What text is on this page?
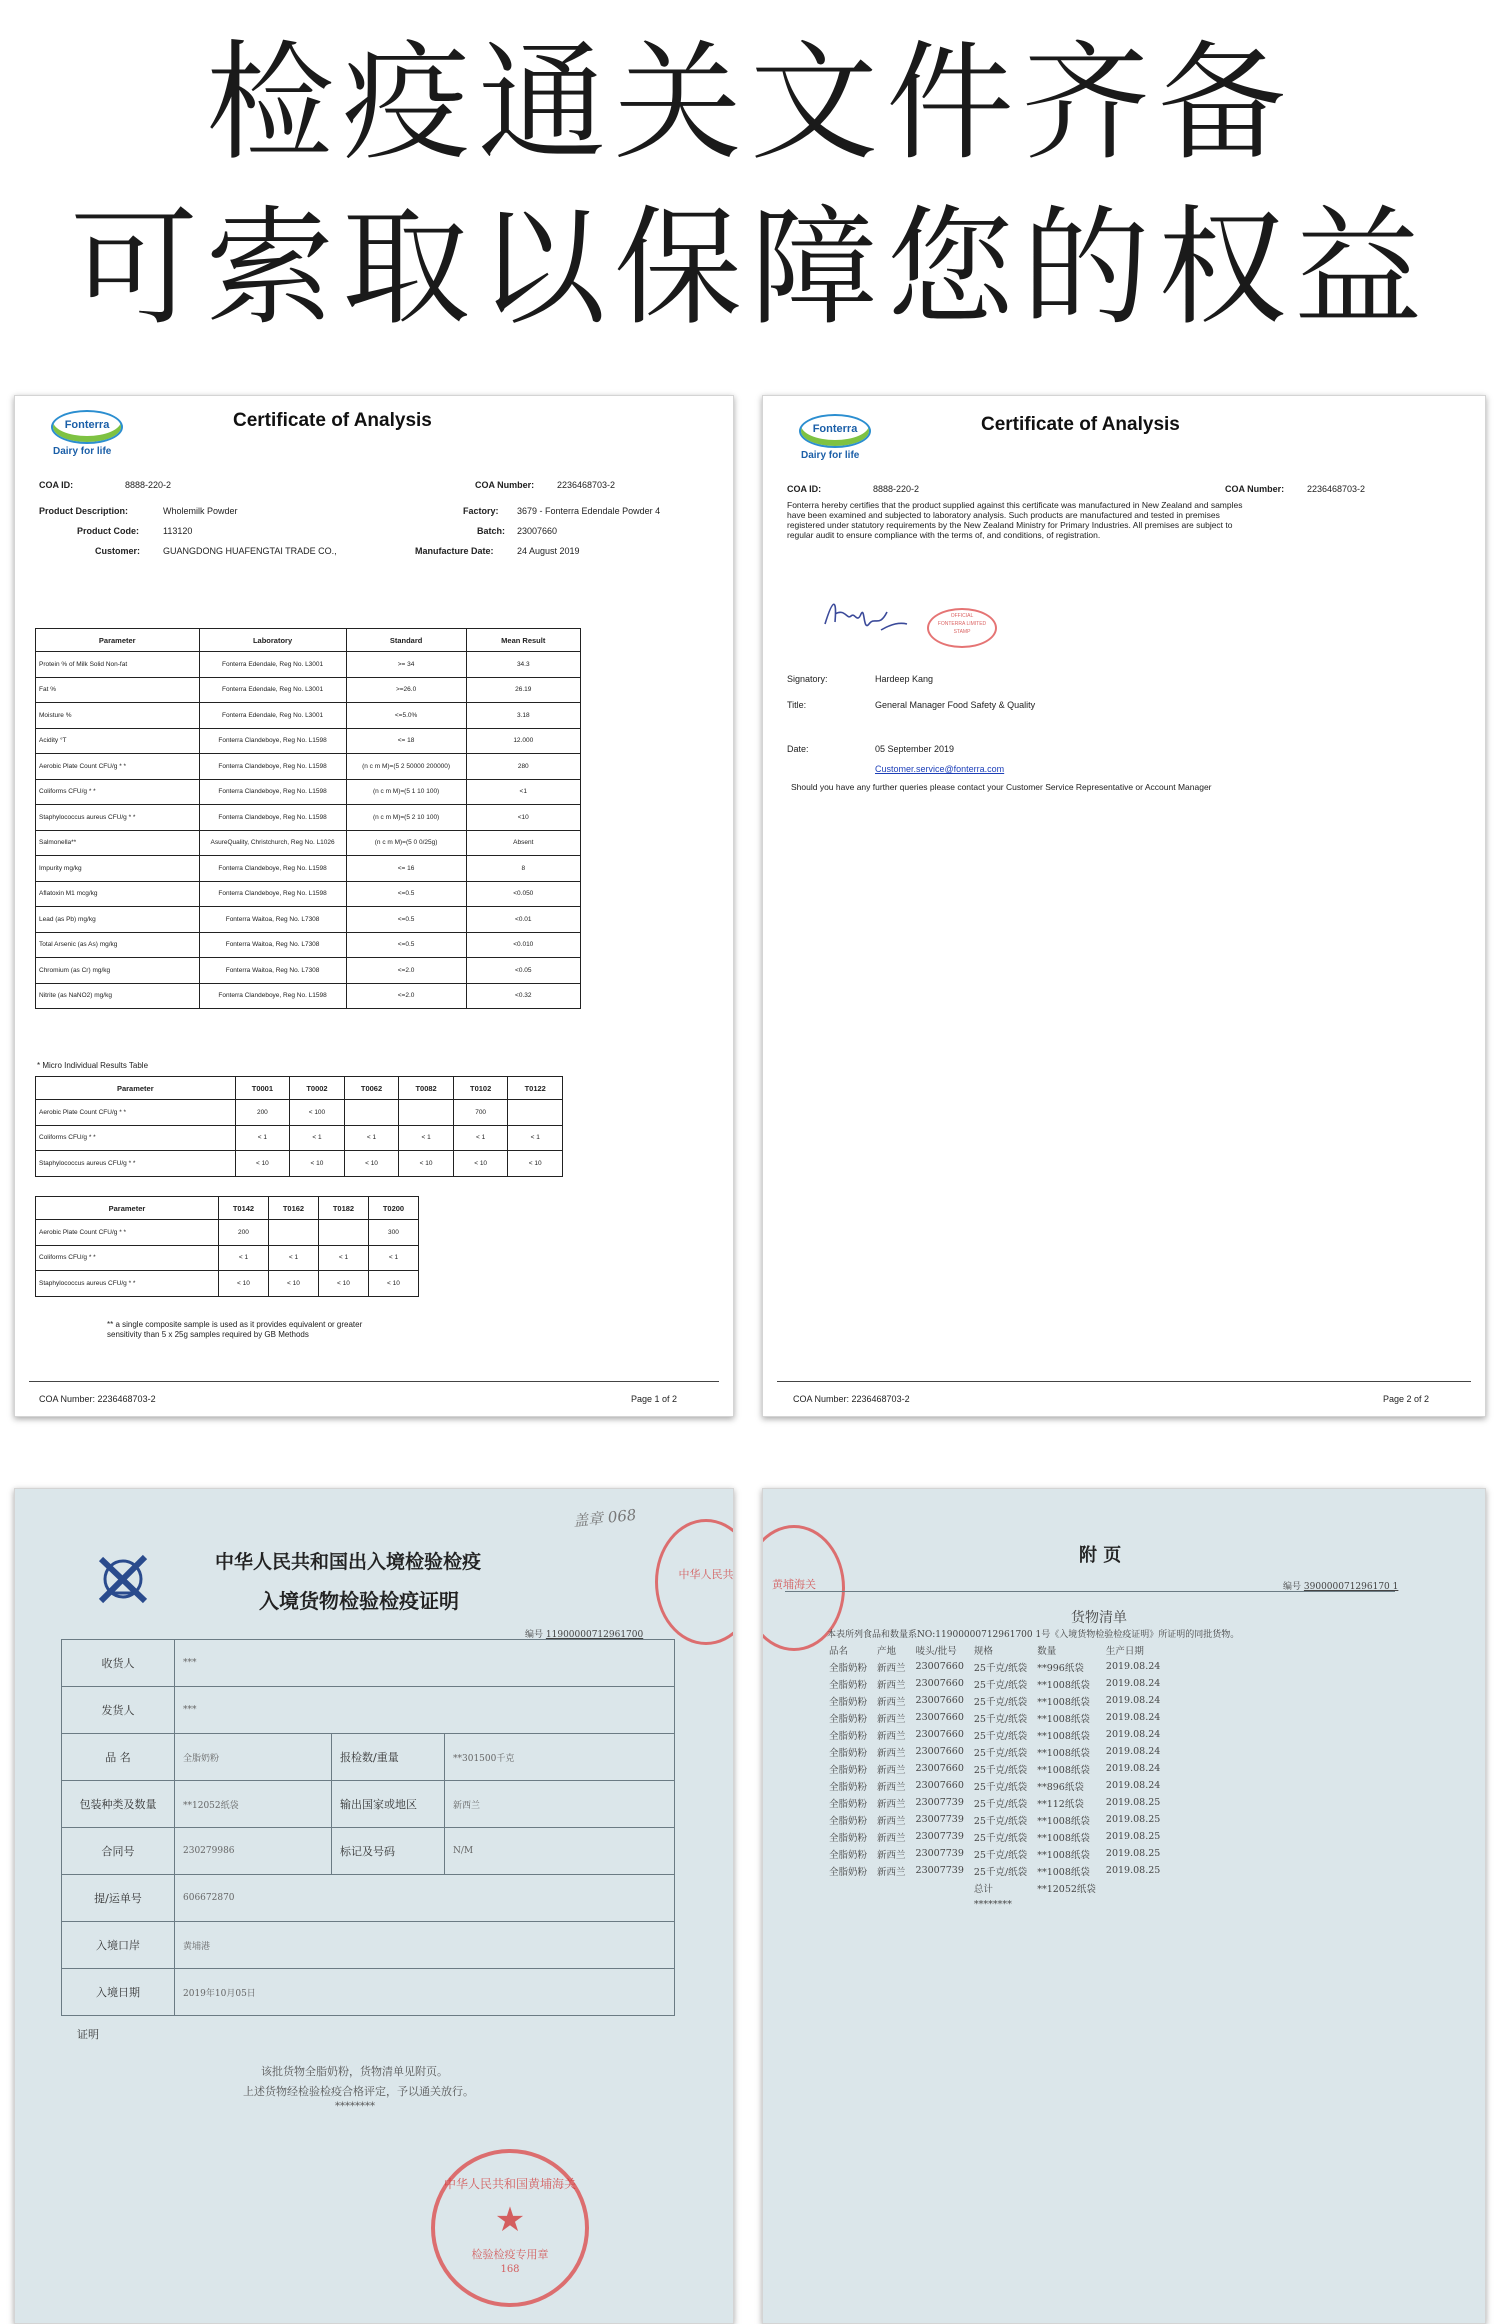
检疫通关文件齐备
可索取以保障您的权益
Fonterra
Dairy for life
Certificate of Analysis
COA ID:	8888-220-2	COA Number:	2236468703-2
Product Description:	Wholemilk Powder	Factory: 3679 - Fonterra Edendale Powder 4
Product Code:	113120	Batch: 23007660
Customer:	GUANGDONG HUAFENGTAI TRADE CO.,	Manufacture Date:	24 August 2019
Parameter	Laboratory	Standard	Mean Result
Protein % of Milk Solid Non-fat	Fonterra Edendale, Reg No. L3001	>= 34	34.3
Fat %	Fonterra Edendale, Reg No. L3001	>=26.0	26.19
Moisture %	Fonterra Edendale, Reg No. L3001	<=5.0%	3.18
Acidity °T	Fonterra Clandeboye, Reg No. L1598	<= 18	12.000
Aerobic Plate Count CFU/g * *	Fonterra Clandeboye, Reg No. L1598	(n c m M)=(5 2 50000 200000)	280
Coliforms CFU/g * *	Fonterra Clandeboye, Reg No. L1598	(n c m M)=(5 1 10 100)	<1
Staphylococcus aureus CFU/g * *	Fonterra Clandeboye, Reg No. L1598	(n c m M)=(5 2 10 100)	<10
Salmonella**	AsureQuality, Christchurch, Reg No. L1026	(n c m M)=(5 0 0/25g)	Absent
Impurity mg/kg	Fonterra Clandeboye, Reg No. L1598	<= 16	8
Aflatoxin M1 mcg/kg	Fonterra Clandeboye, Reg No. L1598	<=0.5	<0.050
Lead (as Pb) mg/kg	Fonterra Waitoa, Reg No. L7308	<=0.5	<0.01
Total Arsenic (as As) mg/kg	Fonterra Waitoa, Reg No. L7308	<=0.5	<0.010
Chromium (as Cr) mg/kg	Fonterra Waitoa, Reg No. L7308	<=2.0	<0.05
Nitrite (as NaNO2) mg/kg	Fonterra Clandeboye, Reg No. L1598	<=2.0	<0.32
* Micro Individual Results Table
Parameter	T0001	T0002	T0062	T0082	T0102	T0122
Aerobic Plate Count CFU/g * *	200	< 100			700	
Coliforms CFU/g * *	< 1	< 1	< 1	< 1	< 1	< 1
Staphylococcus aureus CFU/g * *	< 10	< 10	< 10	< 10	< 10	< 10
Parameter	T0142	T0162	T0182	T0200
Aerobic Plate Count CFU/g * *	200			300
Coliforms CFU/g * *	< 1	< 1	< 1	< 1
Staphylococcus aureus CFU/g * *	< 10	< 10	< 10	< 10
** a single composite sample is used as it provides equivalent or greater
sensitivity than 5 x 25g samples required by GB Methods
COA Number: 2236468703-2	Page 1 of 2
Fonterra
Dairy for life
Certificate of Analysis
COA ID:	8888-220-2	COA Number:	2236468703-2
Fonterra hereby certifies that the product supplied against this certificate was manufactured in New Zealand and samples
have been examined and subjected to laboratory analysis. Such products are manufactured and tested in premises
registered under statutory requirements by the New Zealand Ministry for Primary Industries. All premises are subject to
regular audit to ensure compliance with the terms of, and conditions, of registration.
OFFICIAL
FONTERRA LIMITED
STAMP
Signatory:	Hardeep Kang
Title:	General Manager Food Safety & Quality
Date:	05 September 2019
Customer.service@fonterra.com
Should you have any further queries please contact your Customer Service Representative or Account Manager
COA Number: 2236468703-2	Page 2 of 2
中华人民共和国出入境检验检疫
入境货物检验检疫证明
盖章 068
中华人民共
编号 11900000712961700
收货人	***		
发货人	***		
品 名	全脂奶粉	报检数/重量	**301500千克
包装种类及数量	**12052纸袋	输出国家或地区	新西兰
合同号	230279986	标记及号码	N/M
提/运单号	606672870		
入境口岸	黄埔港		
入境日期	2019年10月05日		
证明
该批货物全脂奶粉，货物清单见附页。
上述货物经检验检疫合格评定，予以通关放行。
********
中华人民共和国黄埔海关
★
检验检疫专用章
168
黄埔海关
附 页
编号 390000071296170 1
货物清单
本表所列食品和数量系NO:11900000712961700 1号《入境货物检验检疫证明》所证明的同批货物。
品名	产地	唛头/批号	规格	数量	生产日期
全脂奶粉	新西兰	23007660	25千克/纸袋	**996纸袋	2019.08.24
全脂奶粉	新西兰	23007660	25千克/纸袋	**1008纸袋	2019.08.24
全脂奶粉	新西兰	23007660	25千克/纸袋	**1008纸袋	2019.08.24
全脂奶粉	新西兰	23007660	25千克/纸袋	**1008纸袋	2019.08.24
全脂奶粉	新西兰	23007660	25千克/纸袋	**1008纸袋	2019.08.24
全脂奶粉	新西兰	23007660	25千克/纸袋	**1008纸袋	2019.08.24
全脂奶粉	新西兰	23007660	25千克/纸袋	**1008纸袋	2019.08.24
全脂奶粉	新西兰	23007660	25千克/纸袋	**896纸袋	2019.08.24
全脂奶粉	新西兰	23007739	25千克/纸袋	**112纸袋	2019.08.25
全脂奶粉	新西兰	23007739	25千克/纸袋	**1008纸袋	2019.08.25
全脂奶粉	新西兰	23007739	25千克/纸袋	**1008纸袋	2019.08.25
全脂奶粉	新西兰	23007739	25千克/纸袋	**1008纸袋	2019.08.25
全脂奶粉	新西兰	23007739	25千克/纸袋	**1008纸袋	2019.08.25
			总计	**12052纸袋	
			********		
